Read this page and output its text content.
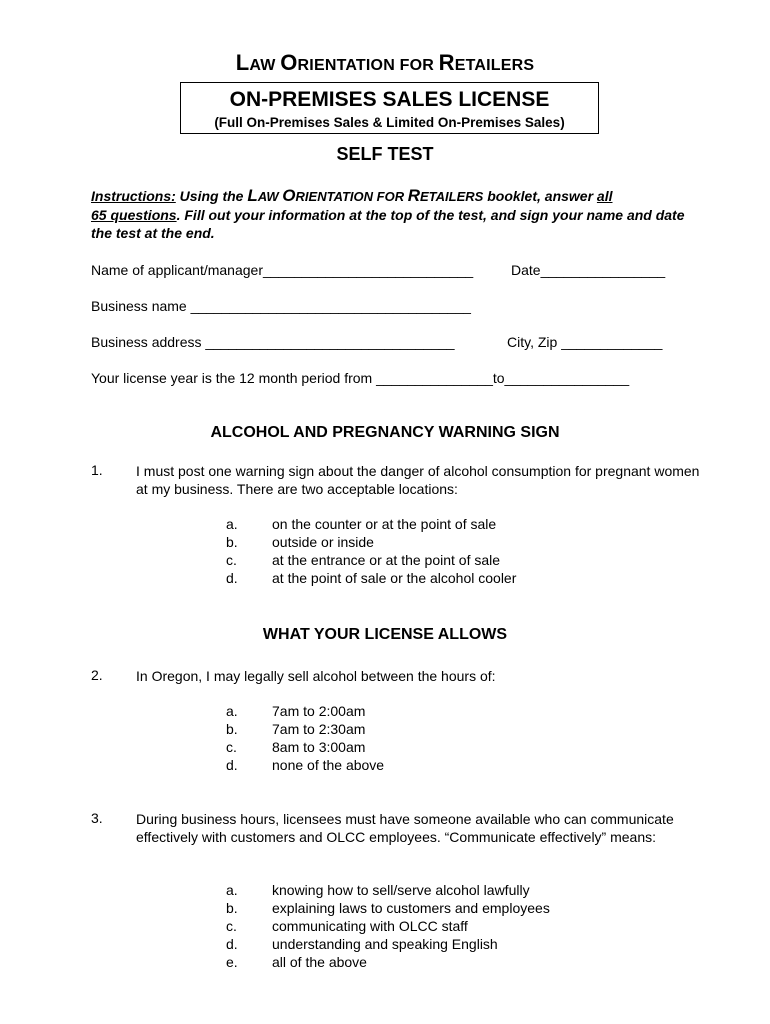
LAW ORIENTATION FOR RETAILERS
ON-PREMISES SALES LICENSE
(Full On-Premises Sales & Limited On-Premises Sales)
SELF TEST
Instructions: Using the LAW ORIENTATION FOR RETAILERS booklet, answer all
65 questions. Fill out your information at the top of the test, and sign your name and date the test at the end.
Name of applicant/manager___________________________	Date________________
Business name ____________________________________
Business address ________________________________	City, Zip _____________
Your license year is the 12 month period from _______________to________________
ALCOHOL AND PREGNANCY WARNING SIGN
1. I must post one warning sign about the danger of alcohol consumption for pregnant women at my business. There are two acceptable locations:
a.	on the counter or at the point of sale
b.	outside or inside
c.	at the entrance or at the point of sale
d.	at the point of sale or the alcohol cooler
WHAT YOUR LICENSE ALLOWS
2. In Oregon, I may legally sell alcohol between the hours of:
a.	7am to 2:00am
b.	7am to 2:30am
c.	8am to 3:00am
d.	none of the above
3. During business hours, licensees must have someone available who can communicate effectively with customers and OLCC employees. “Communicate effectively” means:
a.	knowing how to sell/serve alcohol lawfully
b.	explaining laws to customers and employees
c.	communicating with OLCC staff
d.	understanding and speaking English
e.	all of the above
